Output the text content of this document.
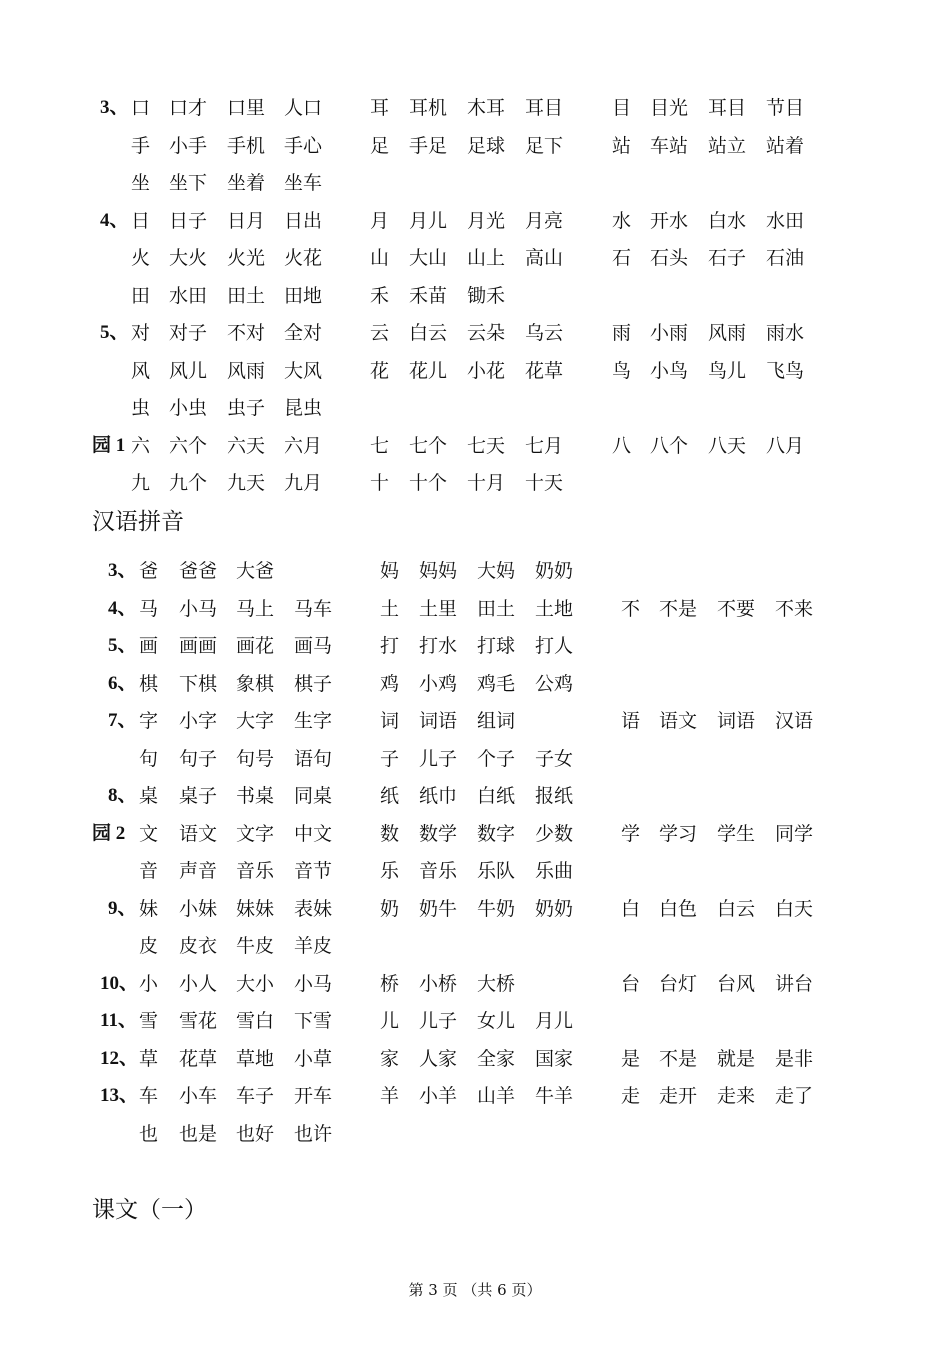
3、 口 口才 口里 人口	耳 耳机 木耳 耳目	目 目光 耳目 节目
手 小手 手机 手心	足 手足 足球 足下	站 车站 站立 站着
坐 坐下 坐着 坐车
4、 日 日子 日月 日出	月 月儿 月光 月亮	水 开水 白水 水田
火 大火 火光 火花	山 大山 山上 高山	石 石头 石子 石油
田 水田 田土 田地	禾 禾苗 锄禾
5、 对 对子 不对 全对	云 白云 云朵 乌云	雨 小雨 风雨 雨水
风 风儿 风雨 大风	花 花儿 小花 花草	鸟 小鸟 鸟儿 飞鸟
虫 小虫 虫子 昆虫
园 1 六 六个 六天 六月	七 七个 七天 七月	八 八个 八天 八月
九 九个 九天 九月	十 十个 十月 十天
3、 爸 爸爸 大爸	妈 妈妈 大妈 奶奶
4、 马 小马 马上 马车	土 土里 田土 土地	不 不是 不要 不来
5、 画 画画 画花 画马	打 打水 打球 打人
6、 棋 下棋 象棋 棋子	鸡 小鸡 鸡毛 公鸡
7、 字 小字 大字 生字	词 词语 组词	语 语文 词语 汉语
句 句子 句号 语句	子 儿子 个子 子女
8、 桌 桌子 书桌 同桌	纸 纸巾 白纸 报纸
园 2 文 语文 文字 中文	数 数学 数字 少数	学 学习 学生 同学
音 声音 音乐 音节	乐 音乐 乐队 乐曲
9、 妹 小妹 妹妹 表妹	奶 奶牛 牛奶 奶奶	白 白色 白云 白天
皮 皮衣 牛皮 羊皮
10、 小 小人 大小 小马	桥 小桥 大桥	台 台灯 台风 讲台
11、 雪 雪花 雪白 下雪	儿 儿子 女儿 月儿
12、 草 花草 草地 小草	家 人家 全家 国家	是 不是 就是 是非
13、 车 小车 车子 开车	羊 小羊 山羊 牛羊	走 走开 走来 走了
也 也是 也好 也许
汉语拼音
课文（一）
第 3 页 （共 6 页）
